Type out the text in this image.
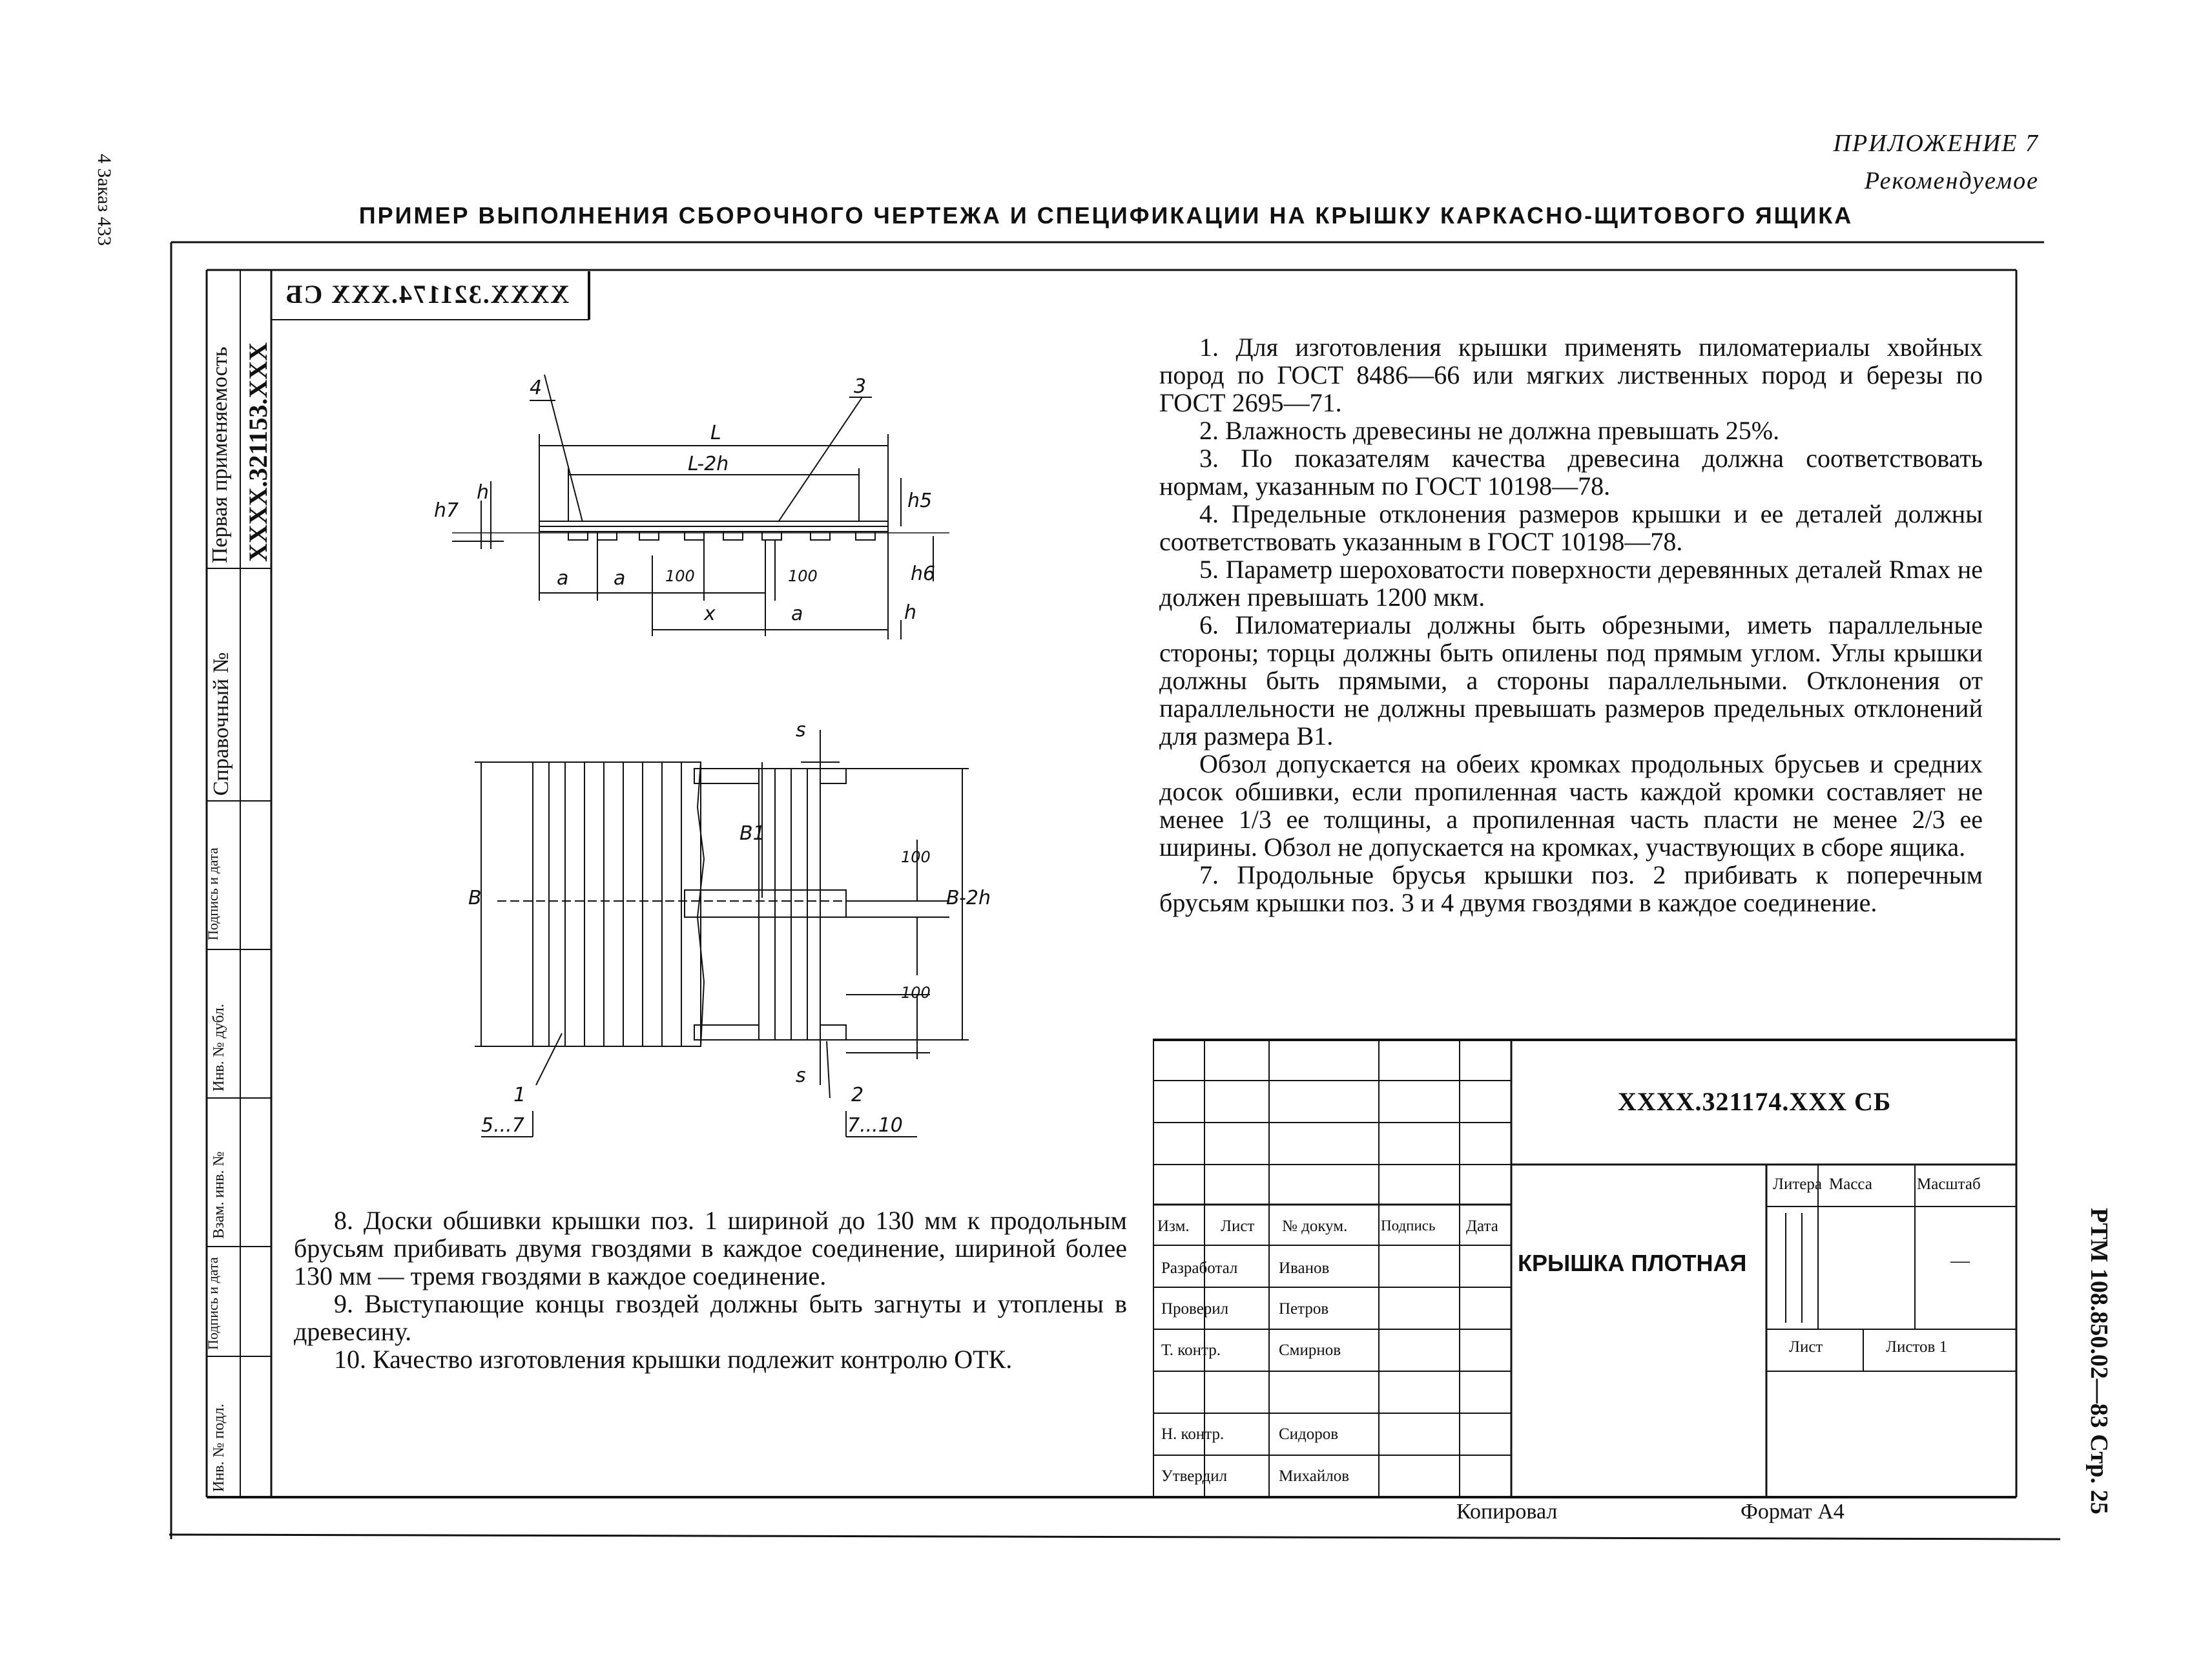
ПРИЛОЖЕНИЕ 7
Рекомендуемое
ПРИМЕР ВЫПОЛНЕНИЯ СБОРОЧНОГО ЧЕРТЕЖА И СПЕЦИФИКАЦИИ НА КРЫШКУ КАРКАСНО-ЩИТОВОГО ЯЩИКА
4 Заказ 433
РТМ 108.850.02—83 Стр. 25
Первая применяемость XXXX.321153.XXX
Справочный №
Подпись и дата
Инв. № дубл.
Взам. инв. №
Подпись и дата
Инв. № подл.
XXXX.321174.XXX СБ
4	3
L
L-2h
h
h7	h5
h6
a a	100	100
x	a	h
s
B
B1
B-2h
100
100
s
1
5...7
2
7...10

1. Для изготовления крышки применять пиломатериалы хвойных пород по ГОСТ 8486—66 или мягких лиственных пород и березы по ГОСТ 2695—71.

2. Влажность древесины не должна превышать 25%.

3. По показателям качества древесина должна соответствовать нормам, указанным по ГОСТ 10198—78.

4. Предельные отклонения размеров крышки и ее деталей должны соответствовать указанным в ГОСТ 10198—78.

5. Параметр шероховатости поверхности деревянных деталей Rmax не должен превышать 1200 мкм.

6. Пиломатериалы должны быть обрезными, иметь параллельные стороны; торцы должны быть опилены под прямым углом. Углы крышки должны быть прямыми, а стороны параллельными. Отклонения от параллельности не должны превышать размеров предельных отклонений для размера B1.

Обзол допускается на обеих кромках продольных брусьев и средних досок обшивки, если пропиленная часть каждой кромки составляет не менее 1/3 ее толщины, а пропиленная часть пласти не менее 2/3 ее ширины. Обзол не допускается на кромках, участвующих в сборе ящика.

7. Продольные брусья крышки поз. 2 прибивать к поперечным брусьям крышки поз. 3 и 4 двумя гвоздями в каждое соединение.

8. Доски обшивки крышки поз. 1 шириной до 130 мм к продольным брусьям прибивать двумя гвоздями в каждое соединение, шириной более 130 мм — тремя гвоздями в каждое соединение.

9. Выступающие концы гвоздей должны быть загнуты и утоплены в древесину.

10. Качество изготовления крышки подлежит контролю ОТК.

XXXX.321174.XXX СБ
КРЫШКА ПЛОТНАЯ
Изм. Лист № докум. Подпись Дата
Разработал	Иванов
Проверил	Петров
Т. контр.	Смирнов
Н. контр.	Сидоров
Утвердил	Михайлов
Литера Масса	Масштаб
—
Лист	Листов 1
Копировал	Формат А4
